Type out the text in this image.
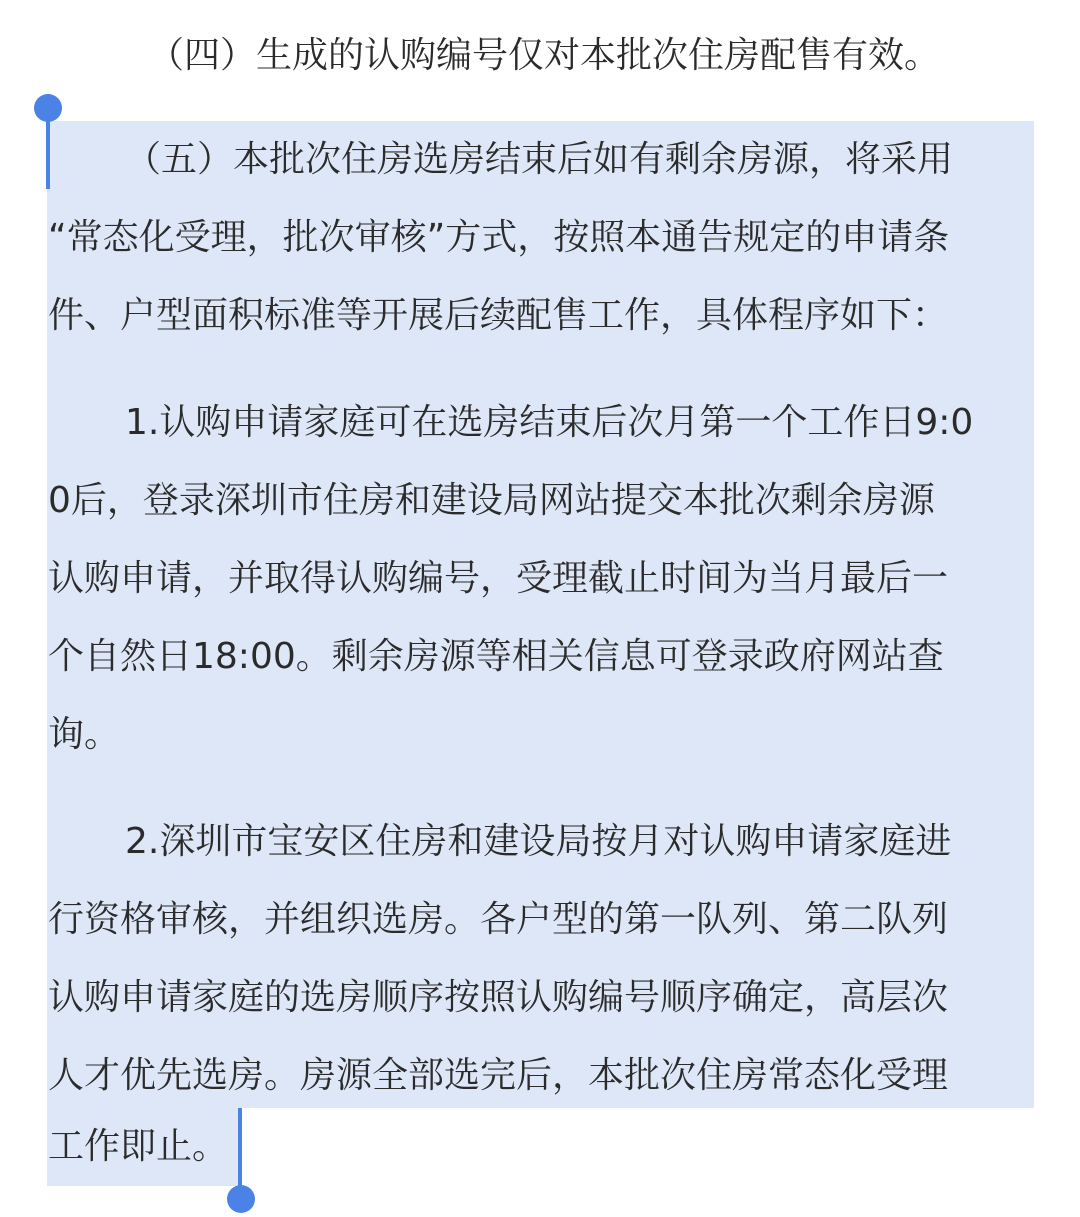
（四）生成的认购编号仅对本批次住房配售有效。
（五）本批次住房选房结束后如有剩余房源，将采用
“常态化受理，批次审核”方式，按照本通告规定的申请条
件、户型面积标准等开展后续配售工作，具体程序如下：
1.认购申请家庭可在选房结束后次月第一个工作日9:0
0后，登录深圳市住房和建设局网站提交本批次剩余房源
认购申请，并取得认购编号，受理截止时间为当月最后一
个自然日18:00。剩余房源等相关信息可登录政府网站查
询。
2.深圳市宝安区住房和建设局按月对认购申请家庭进
行资格审核，并组织选房。各户型的第一队列、第二队列
认购申请家庭的选房顺序按照认购编号顺序确定，高层次
人才优先选房。房源全部选完后，本批次住房常态化受理
工作即止。
